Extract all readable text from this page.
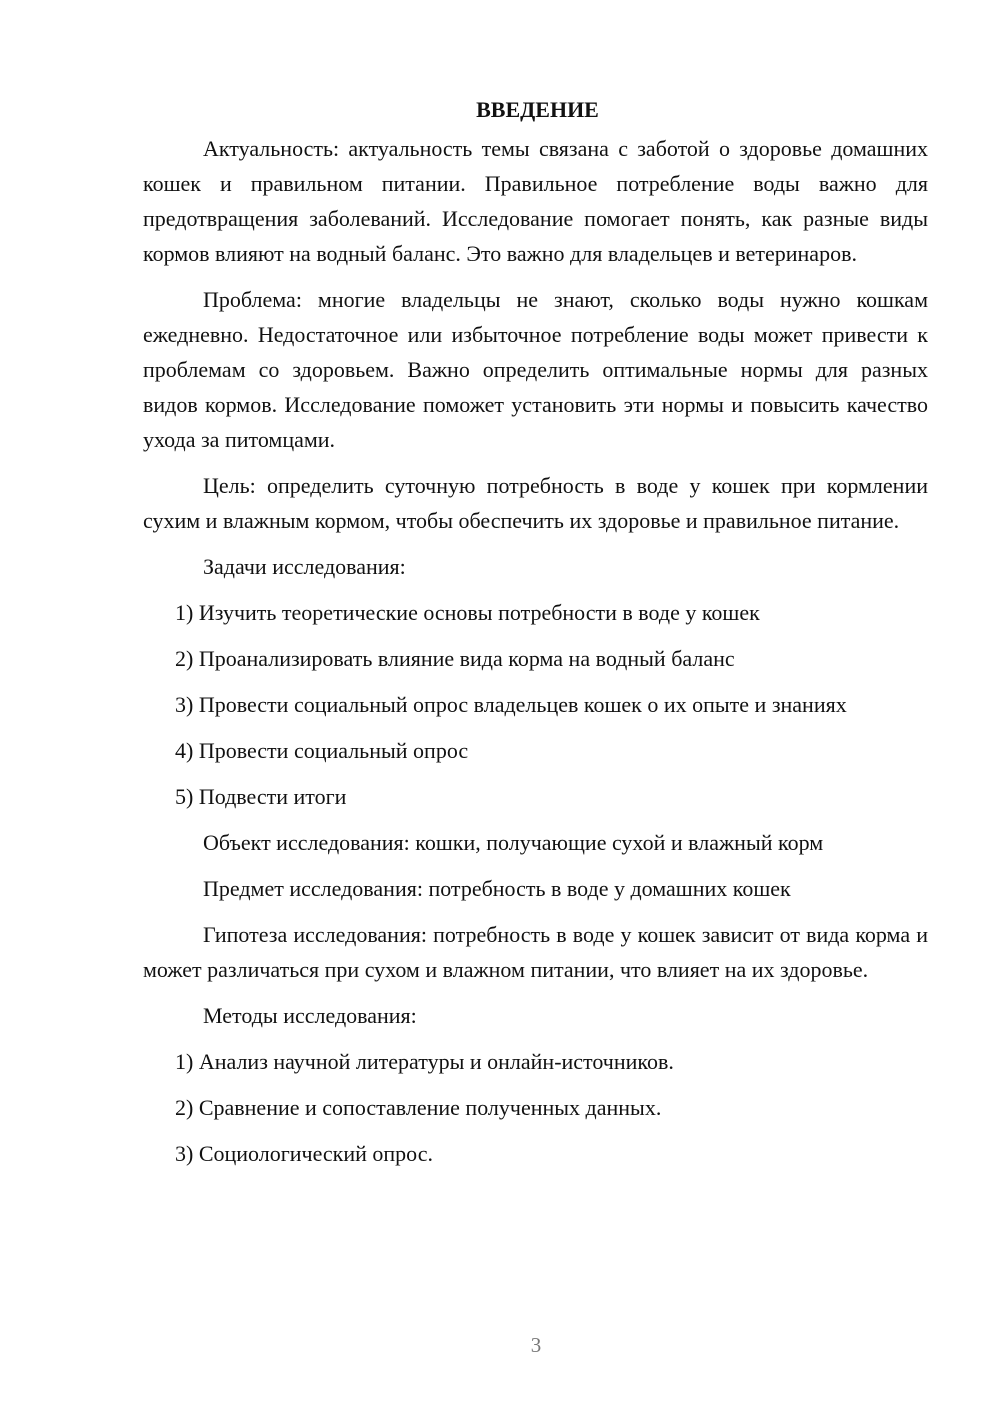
ВВЕДЕНИЕ

Актуальность: актуальность темы связана с заботой о здоровье домашних кошек и правильном питании. Правильное потребление воды важно для предотвращения заболеваний. Исследование помогает понять, как разные виды кормов влияют на водный баланс. Это важно для владельцев и ветеринаров.

Проблема: многие владельцы не знают, сколько воды нужно кошкам ежедневно. Недостаточное или избыточное потребление воды может привести к проблемам со здоровьем. Важно определить оптимальные нормы для разных видов кормов. Исследование поможет установить эти нормы и повысить качество ухода за питомцами.

Цель: определить суточную потребность в воде у кошек при кормлении сухим и влажным кормом, чтобы обеспечить их здоровье и правильное питание.

Задачи исследования:

1) Изучить теоретические основы потребности в воде у кошек

2) Проанализировать влияние вида корма на водный баланс

3) Провести социальный опрос владельцев кошек о их опыте и знаниях

4) Провести социальный опрос

5) Подвести итоги

Объект исследования: кошки, получающие сухой и влажный корм

Предмет исследования: потребность в воде у домашних кошек

Гипотеза исследования: потребность в воде у кошек зависит от вида корма и может различаться при сухом и влажном питании, что влияет на их здоровье.

Методы исследования:

1) Анализ научной литературы и онлайн-источников.

2) Сравнение и сопоставление полученных данных.

3) Социологический опрос.

3
